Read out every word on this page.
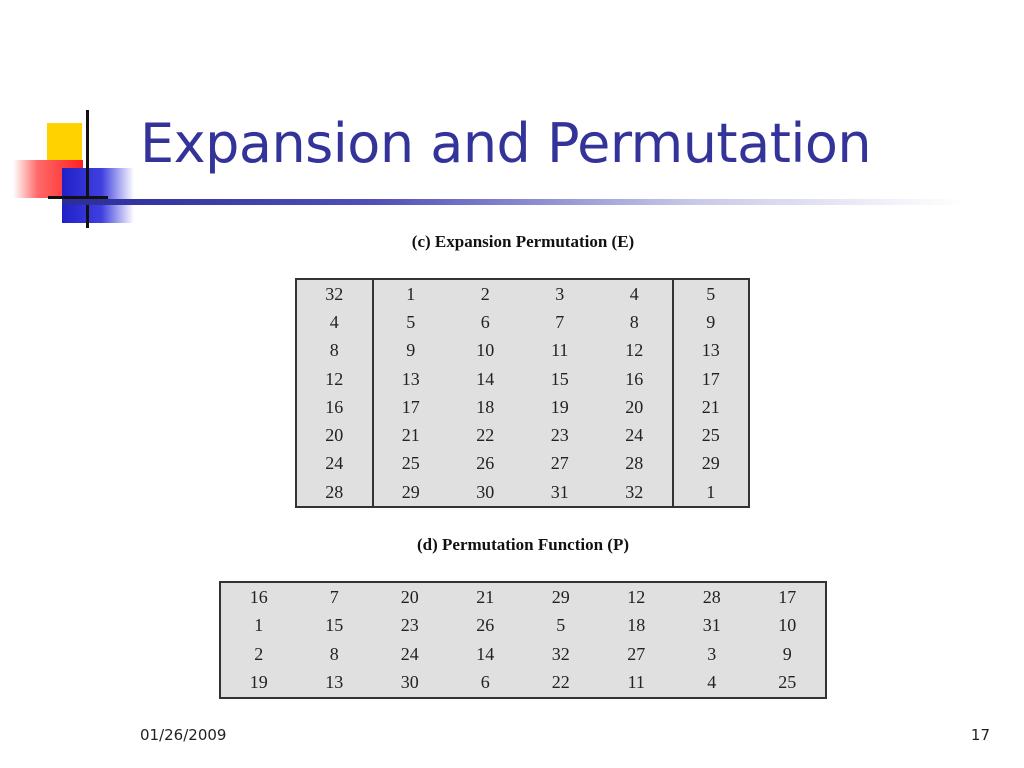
Expansion and Permutation
(c) Expansion Permutation (E)
32	1	2	3	4	5
4	5	6	7	8	9
8	9	10	11	12	13
12	13	14	15	16	17
16	17	18	19	20	21
20	21	22	23	24	25
24	25	26	27	28	29
28	29	30	31	32	1
(d) Permutation Function (P)
16	7	20	21	29	12	28	17
1	15	23	26	5	18	31	10
2	8	24	14	32	27	3	9
19	13	30	6	22	11	4	25
01/26/2009	17
